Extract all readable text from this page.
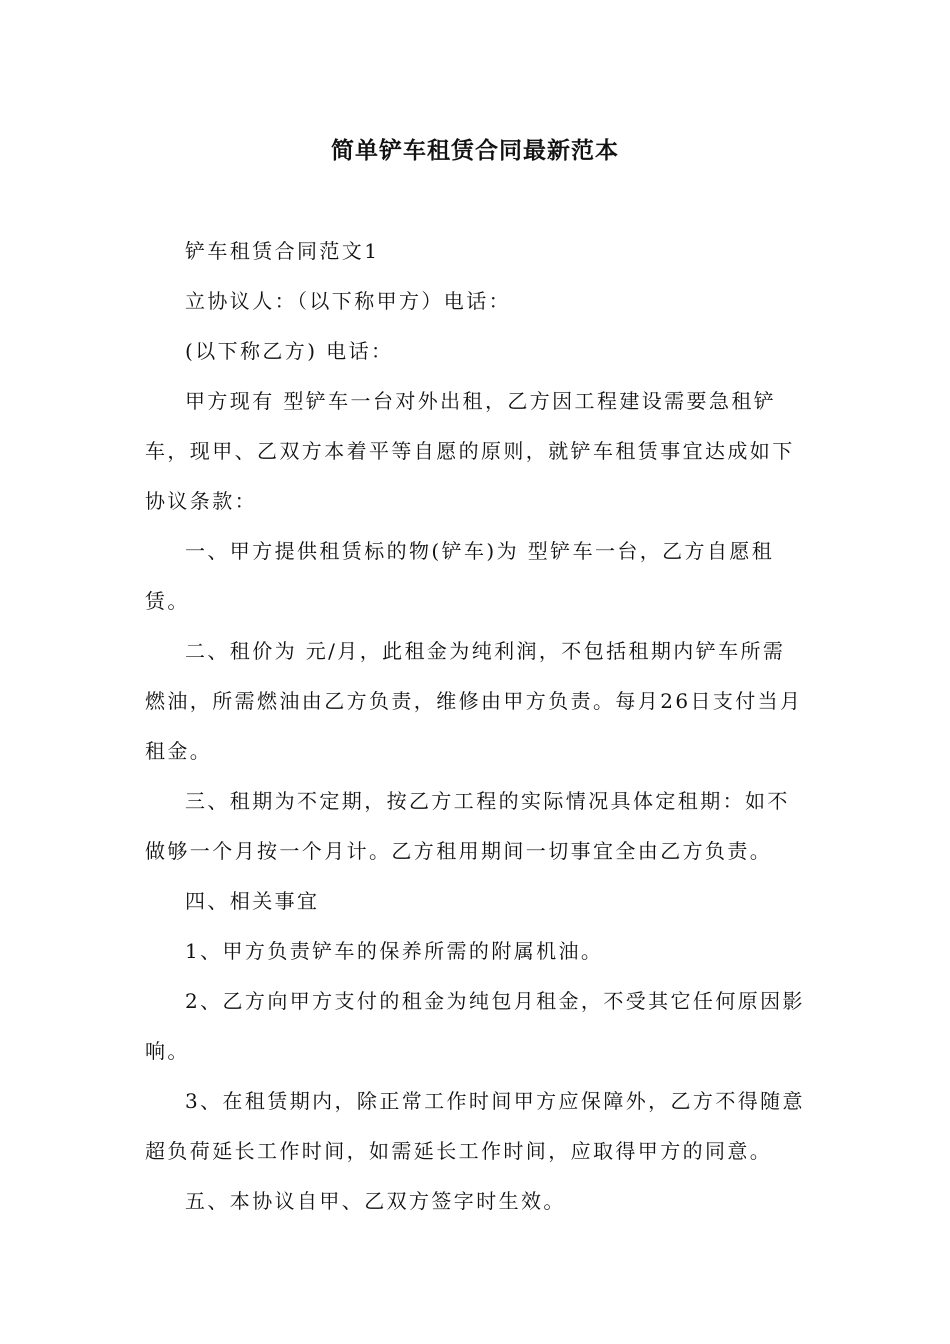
简单铲车租赁合同最新范本

铲车租赁合同范文1

立协议人：（以下称甲方）电话：

(以下称乙方) 电话：

甲方现有 型铲车一台对外出租，乙方因工程建设需要急租铲车，现甲、乙双方本着平等自愿的原则，就铲车租赁事宜达成如下协议条款：

一、甲方提供租赁标的物(铲车)为 型铲车一台，乙方自愿租赁。

二、租价为 元/月，此租金为纯利润，不包括租期内铲车所需燃油，所需燃油由乙方负责，维修由甲方负责。每月26日支付当月租金。

三、租期为不定期，按乙方工程的实际情况具体定租期：如不做够一个月按一个月计。乙方租用期间一切事宜全由乙方负责。

四、相关事宜

1、甲方负责铲车的保养所需的附属机油。

2、乙方向甲方支付的租金为纯包月租金，不受其它任何原因影响。

3、在租赁期内，除正常工作时间甲方应保障外，乙方不得随意超负荷延长工作时间，如需延长工作时间，应取得甲方的同意。

五、本协议自甲、乙双方签字时生效。
